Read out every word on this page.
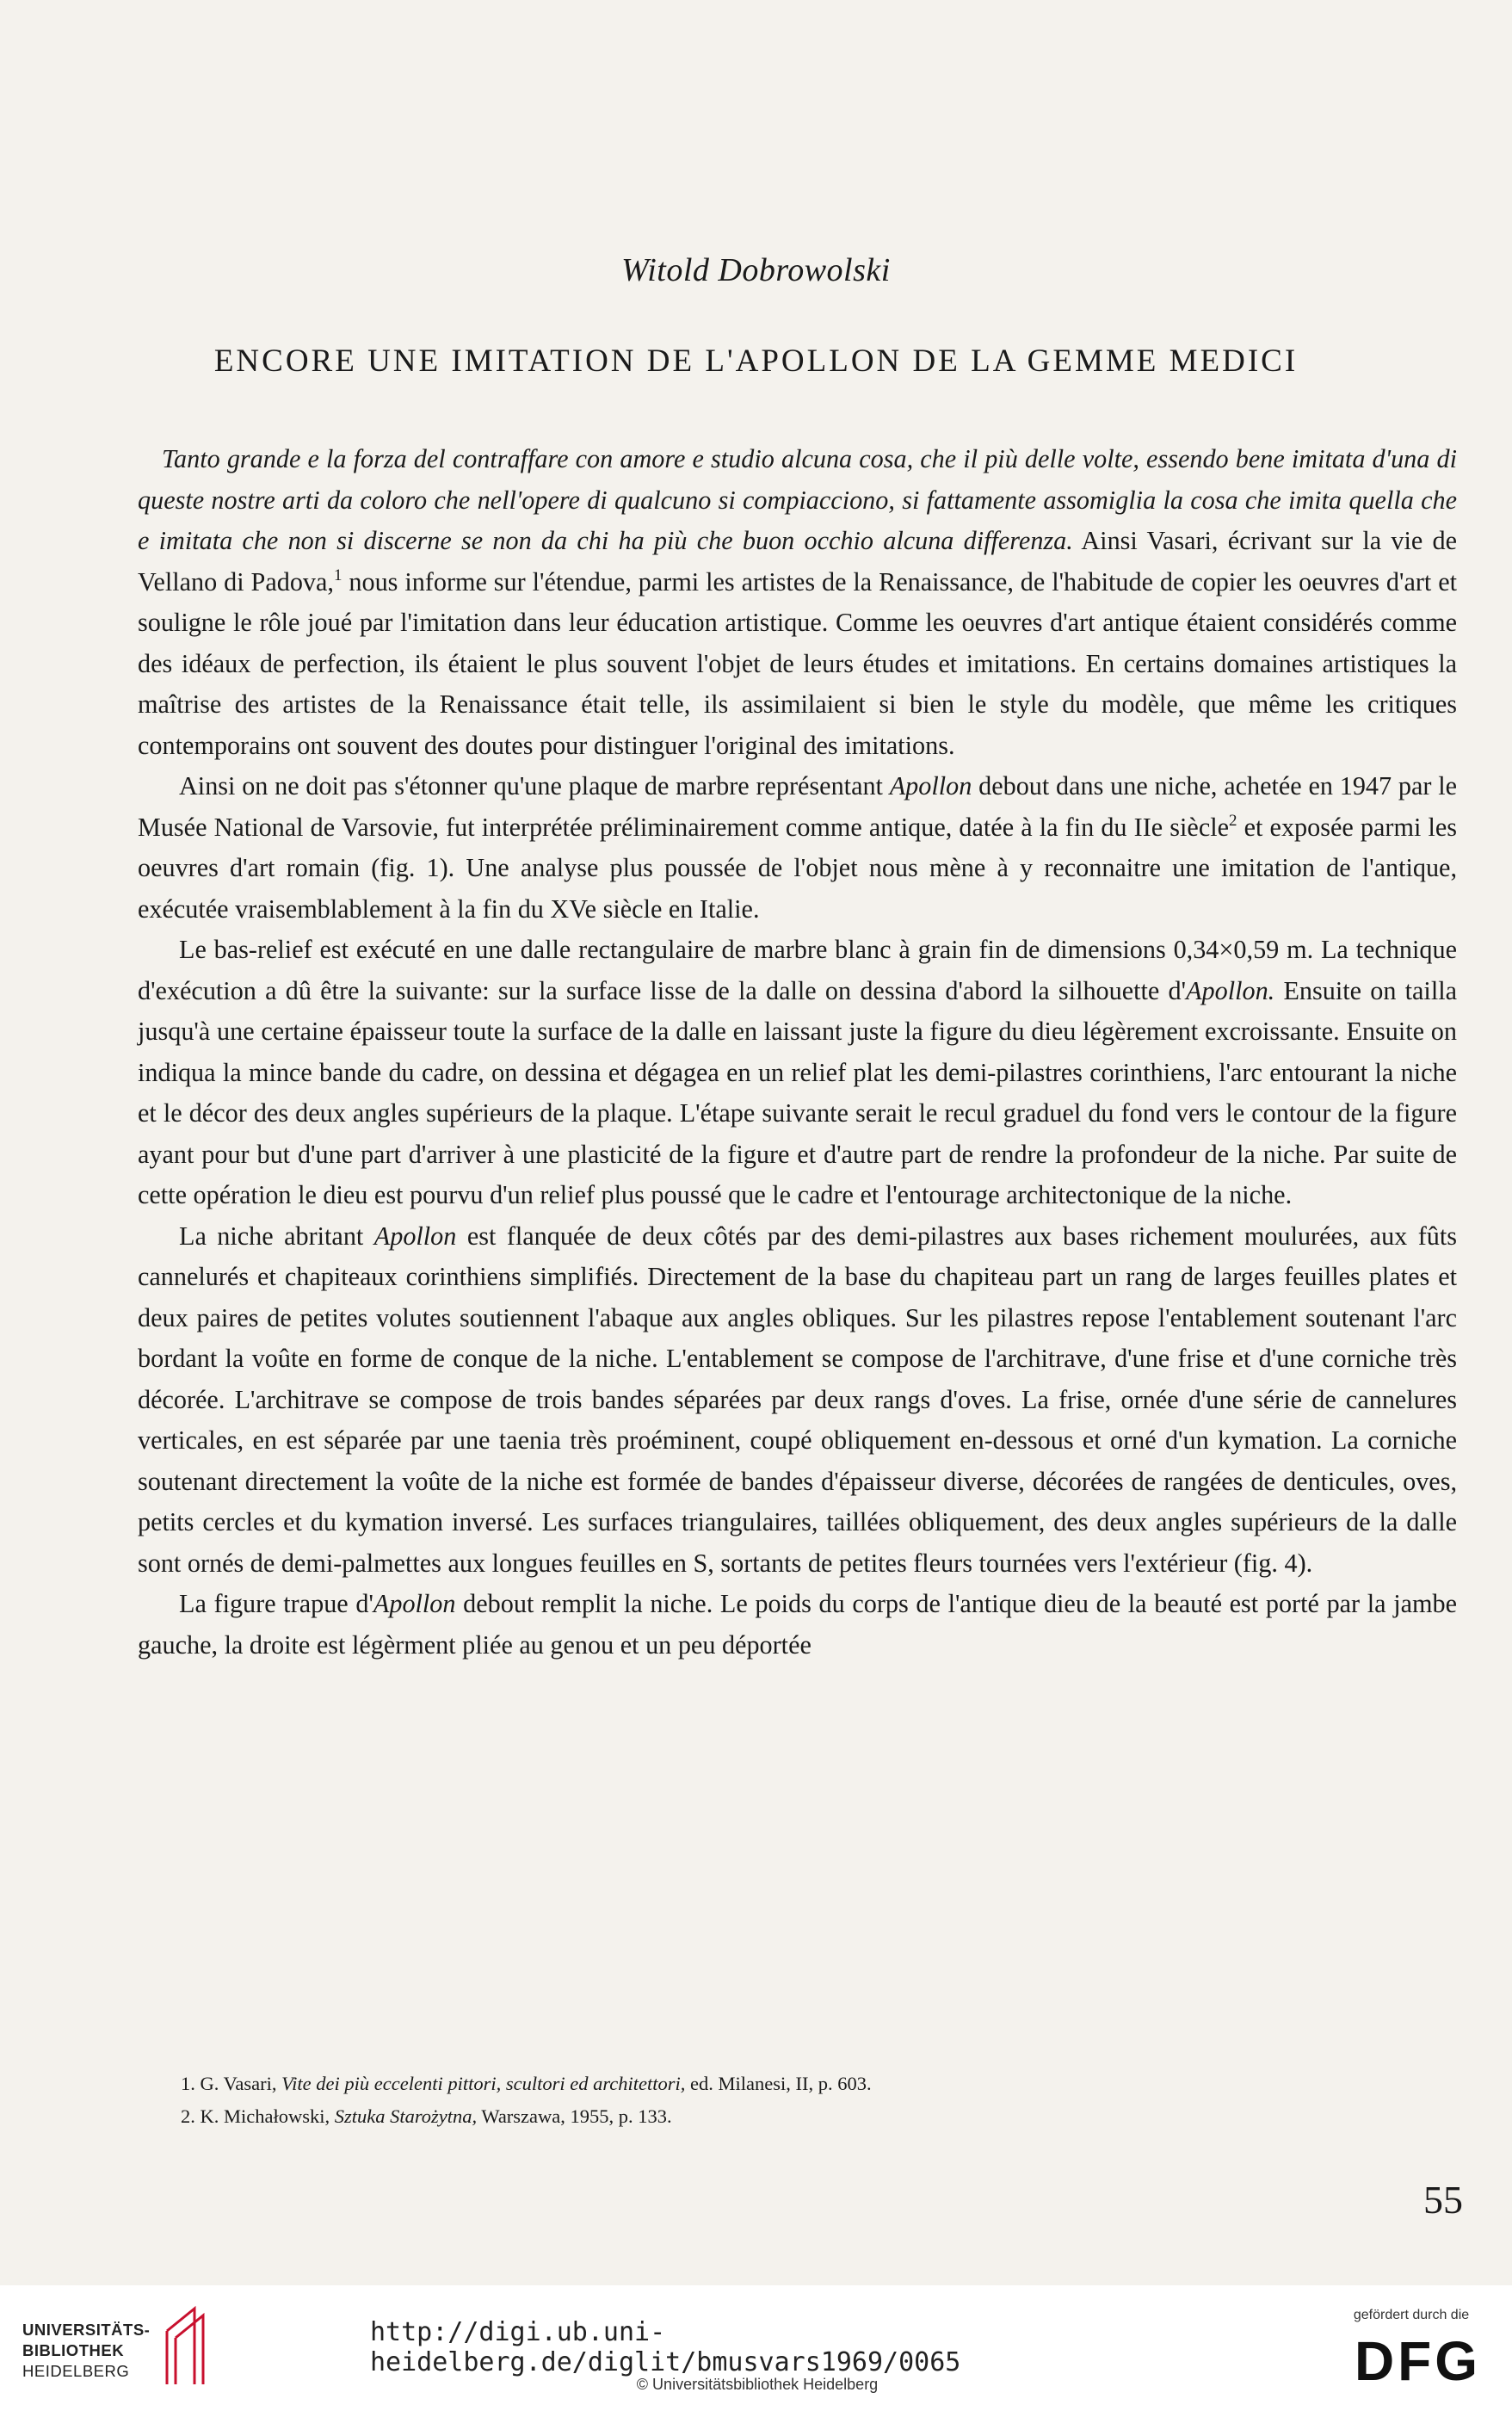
Witold Dobrowolski
ENCORE UNE IMITATION DE L'APOLLON DE LA GEMME MEDICI

Tanto grande e la forza del contraffare con amore e studio alcuna cosa, che il più delle volte, essendo bene imitata d'una di queste nostre arti da coloro che nell'opere di qualcuno si compiacciono, si fattamente assomiglia la cosa che imita quella che e imitata che non si discerne se non da chi ha più che buon occhio alcuna differenza. Ainsi Vasari, écrivant sur la vie de Vellano di Padova,$^1$ nous informe sur l'étendue, parmi les artistes de la Renaissance, de l'habitude de copier les oeuvres d'art et souligne le rôle joué par l'imitation dans leur éducation artistique. Comme les oeuvres d'art antique étaient considérés comme des idéaux de perfection, ils étaient le plus souvent l'objet de leurs études et imitations. En certains domaines artistiques la maîtrise des artistes de la Renaissance était telle, ils assimilaient si bien le style du modèle, que même les critiques contemporains ont souvent des doutes pour distinguer l'original des imitations.

Ainsi on ne doit pas s'étonner qu'une plaque de marbre représentant Apollon debout dans une niche, achetée en 1947 par le Musée National de Varsovie, fut interprétée préliminairement comme antique, datée à la fin du IIe siècle$^2$ et exposée parmi les oeuvres d'art romain (fig. 1). Une analyse plus poussée de l'objet nous mène à y reconnaitre une imitation de l'antique, exécutée vraisemblablement à la fin du XVe siècle en Italie.

Le bas-relief est exécuté en une dalle rectangulaire de marbre blanc à grain fin de dimensions 0,34×0,59 m. La technique d'exécution a dû être la suivante: sur la surface lisse de la dalle on dessina d'abord la silhouette d'Apollon. Ensuite on tailla jusqu'à une certaine épaisseur toute la surface de la dalle en laissant juste la figure du dieu légèrement excroissante. Ensuite on indiqua la mince bande du cadre, on dessina et dégagea en un relief plat les demi-pilastres corinthiens, l'arc entourant la niche et le décor des deux angles supérieurs de la plaque. L'étape suivante serait le recul graduel du fond vers le contour de la figure ayant pour but d'une part d'arriver à une plasticité de la figure et d'autre part de rendre la profondeur de la niche. Par suite de cette opération le dieu est pourvu d'un relief plus poussé que le cadre et l'entourage architectonique de la niche.

La niche abritant Apollon est flanquée de deux côtés par des demi-pilastres aux bases richement moulurées, aux fûts cannelurés et chapiteaux corinthiens simplifiés. Directement de la base du chapiteau part un rang de larges feuilles plates et deux paires de petites volutes soutiennent l'abaque aux angles obliques. Sur les pilastres repose l'entablement soutenant l'arc bordant la voûte en forme de conque de la niche. L'entablement se compose de l'architrave, d'une frise et d'une corniche très décorée. L'architrave se compose de trois bandes séparées par deux rangs d'oves. La frise, ornée d'une série de cannelures verticales, en est séparée par une taenia très proéminent, coupé obliquement en-dessous et orné d'un kymation. La corniche soutenant directement la voûte de la niche est formée de bandes d'épaisseur diverse, décorées de rangées de denticules, oves, petits cercles et du kymation inversé. Les surfaces triangulaires, taillées obliquement, des deux angles supérieurs de la dalle sont ornés de demi-palmettes aux longues feuilles en S, sortants de petites fleurs tournées vers l'extérieur (fig. 4).

La figure trapue d'Apollon debout remplit la niche. Le poids du corps de l'antique dieu de la beauté est porté par la jambe gauche, la droite est légèrment pliée au genou et un peu déportée

1. G. Vasari, Vite dei più eccelenti pittori, scultori ed architettori, ed. Milanesi, II, p. 603.
2. K. Michałowski, Sztuka Starożytna, Warszawa, 1955, p. 133.
55
UNIVERSITÄTS-
BIBLIOTHEK
HEIDELBERG
http://digi.ub.uni-heidelberg.de/diglit/bmusvars1969/0065
© Universitätsbibliothek Heidelberg
gefördert durch die
DFG
